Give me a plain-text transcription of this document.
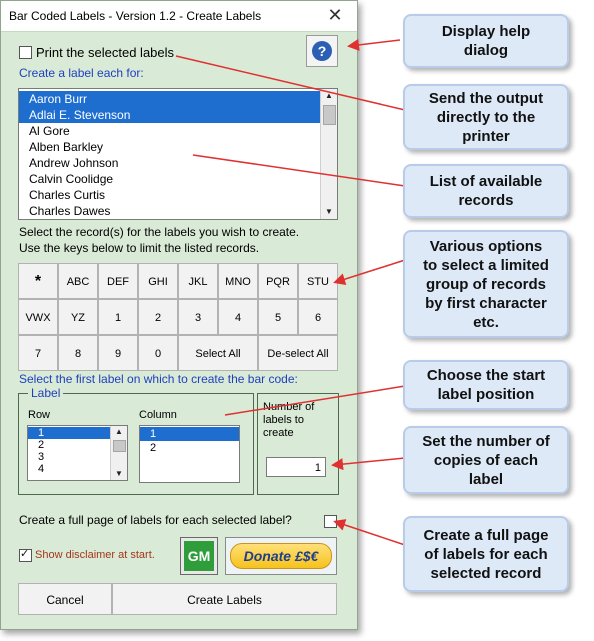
Bar Coded Labels - Version 1.2 - Create Labels	✕
Print the selected labels	?
Create a label each for:
Aaron Burr
Adlai E. Stevenson
Al Gore
Alben Barkley
Andrew Johnson
Calvin Coolidge
Charles Curtis
Charles Dawes
▲
▼
Select the record(s) for the labels you wish to create.
Use the keys below to limit the listed records.
*	ABC	DEF	GHI	JKL	MNO	PQR	STU
VWX	YZ	1	2	3	4	5	6
7	8	9	0	Select All	De-select All
Select the first label on which to create the bar code:
Label
Row
1
2
3
4
▲
▼
Column
1
2
Number of labels to create
1
Create a full page of labels for each selected label?
✓ Show disclaimer at start. GM	Donate £$€
Cancel	Create Labels
Display help
dialog
Send the output
directly to the
printer
List of available
records
Various options
to select a limited
group of records
by first character
etc.
Choose the start
label position
Set the number of
copies of each
label
Create a full page
of labels for each
selected record
